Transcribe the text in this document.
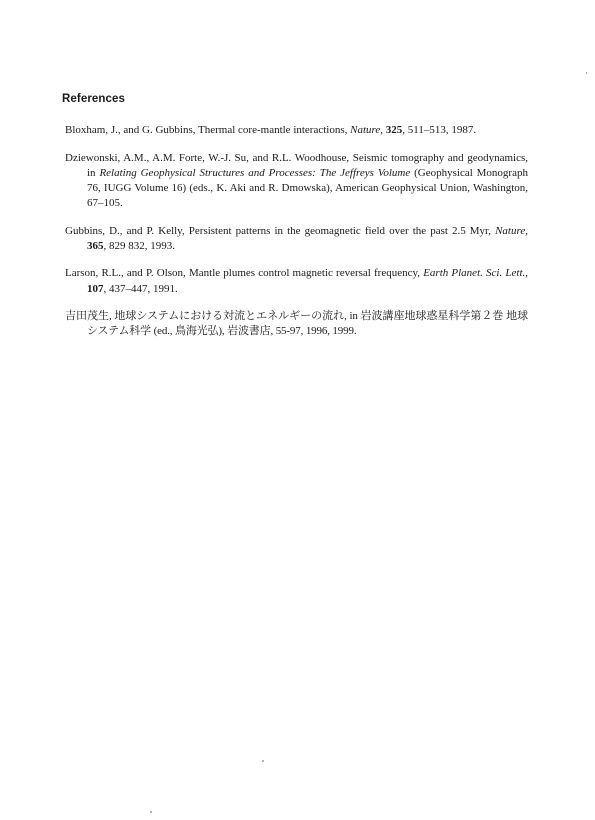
References

Bloxham, J., and G. Gubbins, Thermal core-mantle interactions, Nature, 325, 511–513, 1987.

Dziewonski, A.M., A.M. Forte, W.-J. Su, and R.L. Woodhouse, Seismic tomography and geodynamics, in Relating Geophysical Structures and Processes: The Jeffreys Volume (Geophysical Monograph 76, IUGG Volume 16) (eds., K. Aki and R. Dmowska), American Geophysical Union, Washington, 67–105.

Gubbins, D., and P. Kelly, Persistent patterns in the geomagnetic field over the past 2.5 Myr, Nature, 365, 829 832, 1993.

Larson, R.L., and P. Olson, Mantle plumes control magnetic reversal frequency, Earth Planet. Sci. Lett., 107, 437–447, 1991.

吉田茂生, 地球システムにおける対流とエネルギーの流れ, in 岩波講座地球惑星科学第２巻 地球システム科学 (ed., 鳥海光弘), 岩波書店, 55-97, 1996, 1999.
